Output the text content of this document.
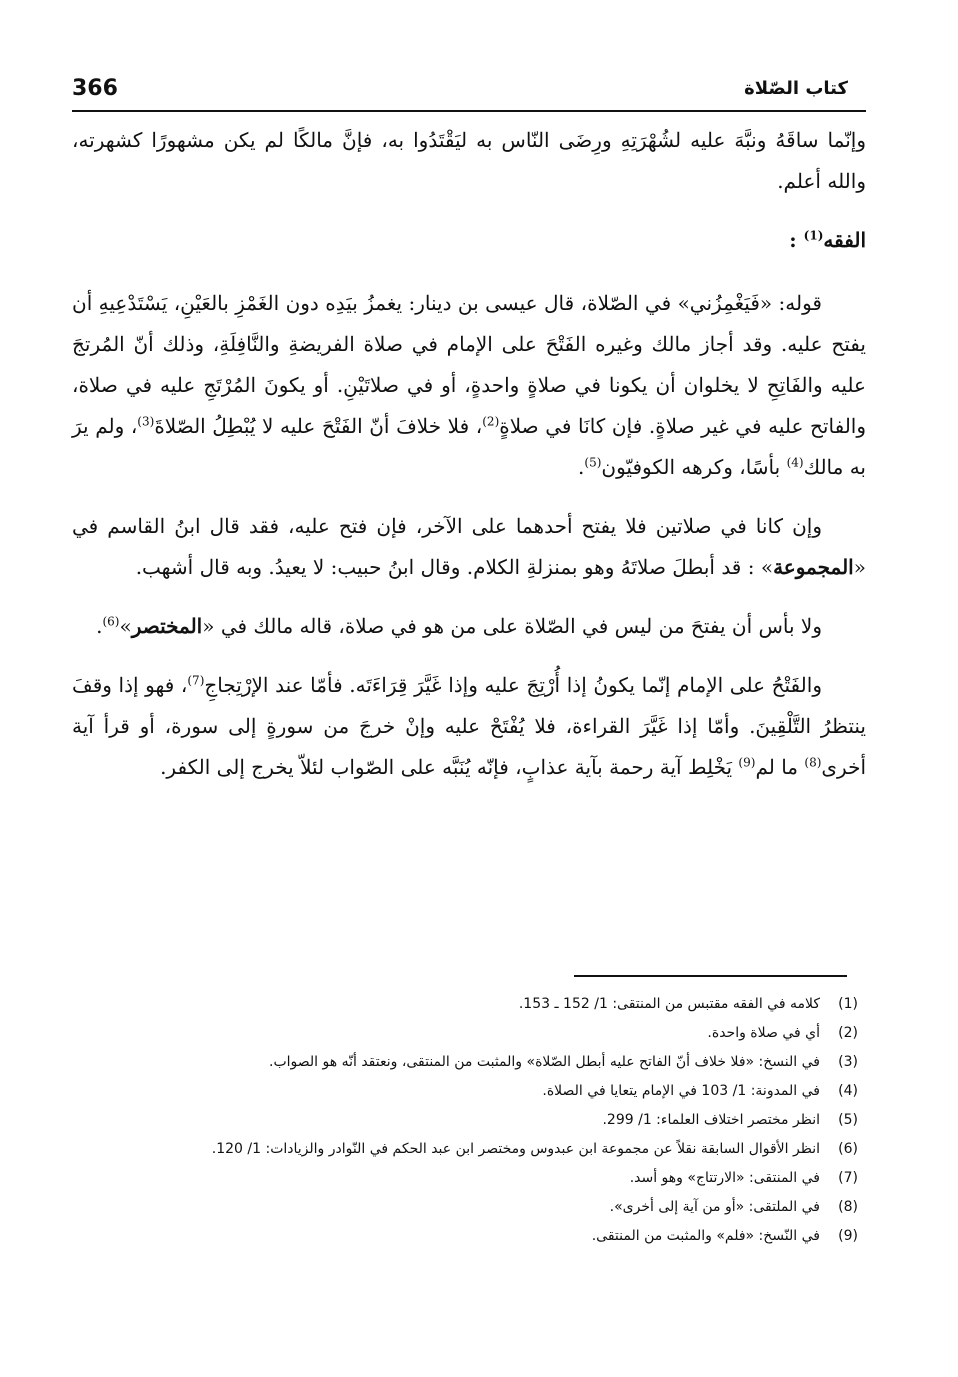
366	كتاب الصّلاة

وإنّما ساقَهُ ونبَّهَ عليه لشُهْرَتِهِ ورِضَى النّاس به ليَقْتَدُوا به، فإنَّ مالكًا لم يكن مشهورًا كشهرته، والله أعلم.

الفقه$^{(1)}$ :

قوله: «فَيَغْمِزُني» في الصّلاة، قال عيسى بن دينار: يغمزُ بيَدِه دون الغَمْزِ بالعَيْنِ، يَسْتَدْعِيهِ أن يفتح عليه. وقد أجاز مالك وغيره الفَتْحَ على الإمام في صلاة الفريضةِ والنَّافِلَةِ، وذلك أنّ المُرتجَ عليه والفَاتِحِ لا يخلوان أن يكونا في صلاةٍ واحدةٍ، أو في صلاتَيْنِ. أو يكونَ المُرْتَجِ عليه في صلاة، والفاتح عليه في غير صلاةٍ. فإن كانَا في صلاةٍ$^{(2)}$، فلا خلافَ أنّ الفَتْحَ عليه لا يُبْطِلُ الصّلاةَ$^{(3)}$، ولم يرَ به مالك$^{(4)}$ بأسًا، وكرهه الكوفيّون$^{(5)}$.

وإن كانا في صلاتين فلا يفتح أحدهما على الآخر، فإن فتح عليه، فقد قال ابنُ القاسم في «المجموعة» : قد أبطلَ صلاتَهُ وهو بمنزلةِ الكلام. وقال ابنُ حبيب: لا يعيدُ. وبه قال أشهب.

ولا بأس أن يفتحَ من ليس في الصّلاة على من هو في صلاة، قاله مالك في «المختصر»$^{(6)}$.

والفَتْحُ على الإمام إنّما يكونُ إذا أُرْتِجَ عليه وإذا غَيَّرَ قِرَاءَتَه. فأمّا عند الإرْتِجاجِ$^{(7)}$، فهو إذا وقفَ ينتظرُ التَّلْقِينَ. وأمّا إذا غَيَّرَ القراءة، فلا يُفْتَحْ عليه وإنْ خرجَ من سورةٍ إلى سورة، أو قرأ آية أخرى$^{(8)}$ ما لم$^{(9)}$ يَخْلِط آية رحمة بآية عذابٍ، فإنّه يُنَبَّه على الصّواب لئلاّ يخرج إلى الكفر.

(1)
كلامه في الفقه مقتبس من المنتقى: 1/ 152 ـ 153.
(2)
أي في صلاة واحدة.
(3)
في النسخ: «فلا خلاف أنّ الفاتح عليه أبطل الصّلاة» والمثبت من المنتقى، ونعتقد أنّه هو الصواب.
(4)
في المدونة: 1/ 103 في الإمام يتعايا في الصلاة.
(5)
انظر مختصر اختلاف العلماء: 1/ 299.
(6)
انظر الأقوال السابقة نقلاً عن مجموعة ابن عبدوس ومختصر ابن عبد الحكم في النّوادر والزيادات: 1/ 120.
(7)
في المنتقى: «الارتتاج» وهو أسد.
(8)
في الملتقى: «أو من آية إلى أخرى».
(9)
في النّسخ: «فلم» والمثبت من المنتقى.
